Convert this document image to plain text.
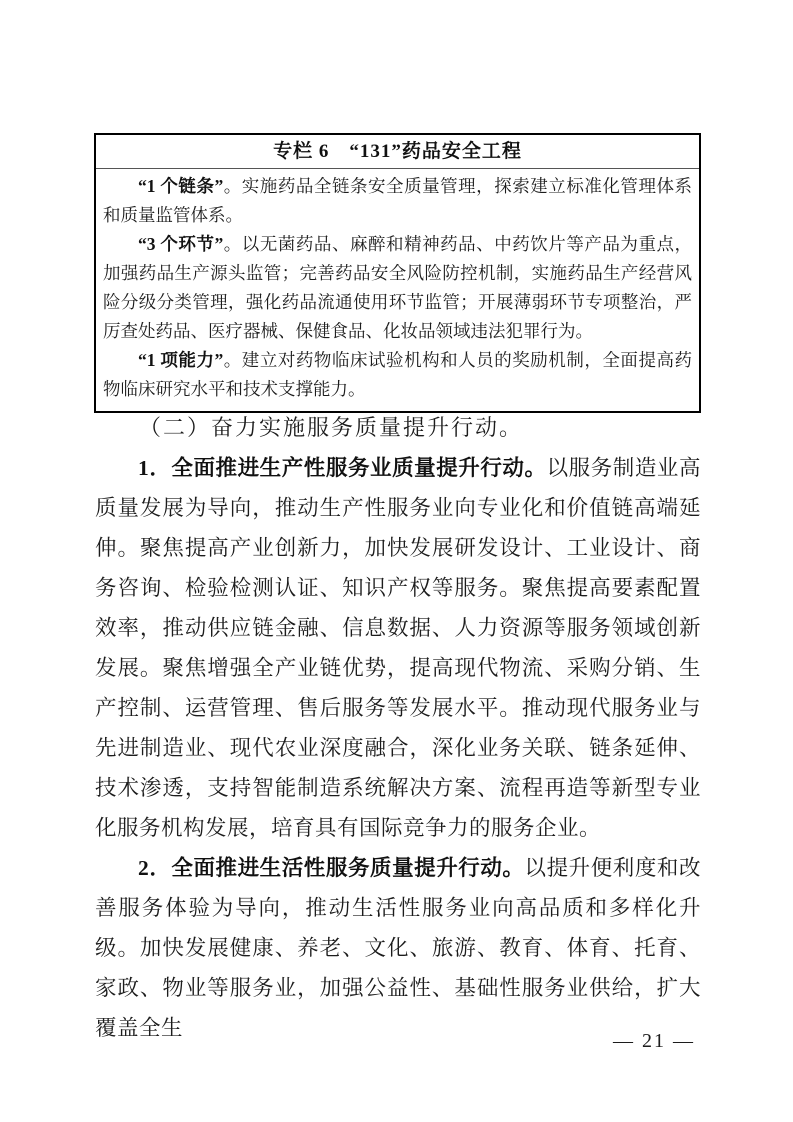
专栏 6　“131”药品安全工程

“1 个链条”。实施药品全链条安全质量管理，探索建立标准化管理体系和质量监管体系。

“3 个环节”。以无菌药品、麻醉和精神药品、中药饮片等产品为重点，加强药品生产源头监管；完善药品安全风险防控机制，实施药品生产经营风险分级分类管理，强化药品流通使用环节监管；开展薄弱环节专项整治，严厉查处药品、医疗器械、保健食品、化妆品领域违法犯罪行为。

“1 项能力”。建立对药物临床试验机构和人员的奖励机制，全面提高药物临床研究水平和技术支撑能力。

（二）奋力实施服务质量提升行动。

1．全面推进生产性服务业质量提升行动。以服务制造业高质量发展为导向，推动生产性服务业向专业化和价值链高端延伸。聚焦提高产业创新力，加快发展研发设计、工业设计、商务咨询、检验检测认证、知识产权等服务。聚焦提高要素配置效率，推动供应链金融、信息数据、人力资源等服务领域创新发展。聚焦增强全产业链优势，提高现代物流、采购分销、生产控制、运营管理、售后服务等发展水平。推动现代服务业与先进制造业、现代农业深度融合，深化业务关联、链条延伸、技术渗透，支持智能制造系统解决方案、流程再造等新型专业化服务机构发展，培育具有国际竞争力的服务企业。

2．全面推进生活性服务质量提升行动。以提升便利度和改善服务体验为导向，推动生活性服务业向高品质和多样化升级。加快发展健康、养老、文化、旅游、教育、体育、托育、家政、物业等服务业，加强公益性、基础性服务业供给，扩大覆盖全生

— 21 —
